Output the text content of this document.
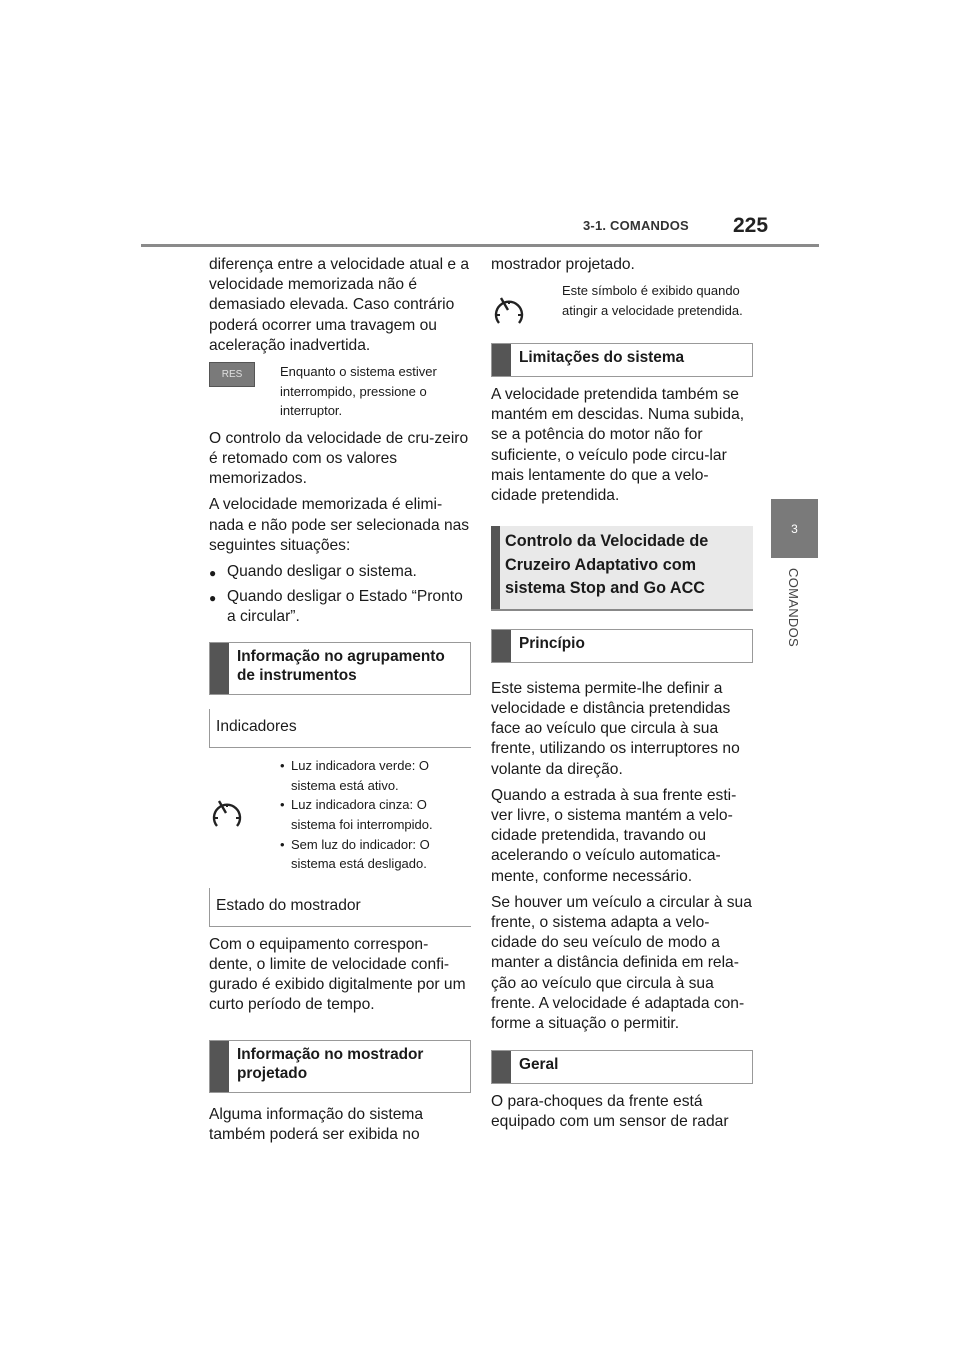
3-1. COMANDOS 225
3
COMANDOS

diferença entre a velocidade atual e a velocidade memorizada não é demasiado elevada. Caso contrário poderá ocorrer uma travagem ou aceleração inadvertida.

RES	Enquanto o sistema estiver interrompido, pressione o interruptor.

O controlo da velocidade de cru-zeiro é retomado com os valores memorizados.

A velocidade memorizada é elimi-nada e não pode ser selecionada nas seguintes situações:

● Quando desligar o sistema.
● Quando desligar o Estado “Pronto a circular”.
Informação no agrupamento de instrumentos
Indicadores
• Luz indicadora verde: O sistema está ativo.
• Luz indicadora cinza: O sistema foi interrompido.
• Sem luz do indicador: O sistema está desligado.
Estado do mostrador

Com o equipamento correspon-dente, o limite de velocidade confi-gurado é exibido digitalmente por um curto período de tempo.

Informação no mostrador projetado

Alguma informação do sistema também poderá ser exibida no

mostrador projetado.

Este símbolo é exibido quando atingir a velocidade pretendida.
Limitações do sistema

A velocidade pretendida também se mantém em descidas. Numa subida, se a potência do motor não for suficiente, o veículo pode circu-lar mais lentamente do que a velo-cidade pretendida.

Controlo da Velocidade de Cruzeiro Adaptativo com sistema Stop and Go ACC
Princípio

Este sistema permite-lhe definir a velocidade e distância pretendidas face ao veículo que circula à sua frente, utilizando os interruptores no volante da direção.

Quando a estrada à sua frente esti-ver livre, o sistema mantém a velo-cidade pretendida, travando ou acelerando o veículo automatica-mente, conforme necessário.

Se houver um veículo a circular à sua frente, o sistema adapta a velo-cidade do seu veículo de modo a manter a distância definida em rela-ção ao veículo que circula à sua frente. A velocidade é adaptada con-forme a situação o permitir.

Geral

O para-choques da frente está equipado com um sensor de radar
